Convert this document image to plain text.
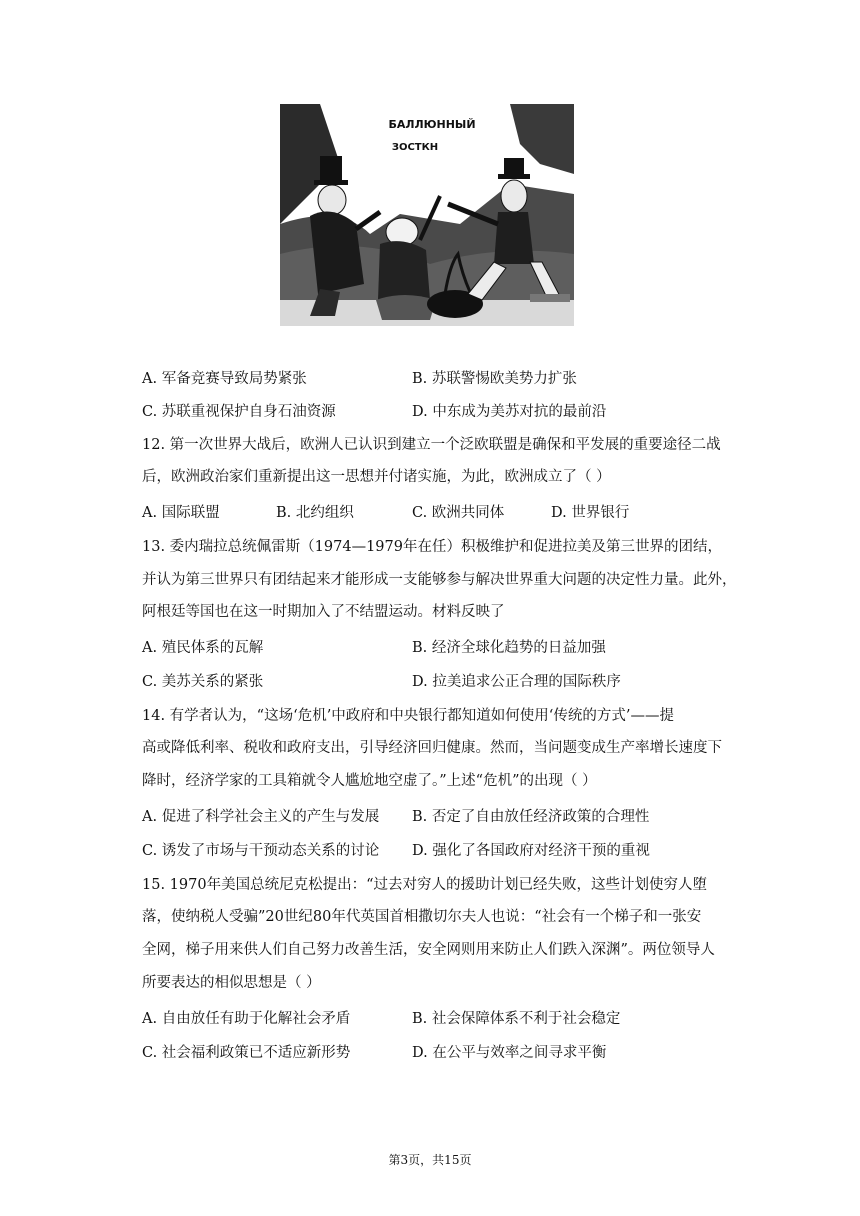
БАЛЛЮННЫЙ
ЗОСТКН
A. 军备竞赛导致局势紧张	B. 苏联警惕欧美势力扩张
C. 苏联重视保护自身石油资源	D. 中东成为美苏对抗的最前沿
12. 第一次世界大战后，欧洲人已认识到建立一个泛欧联盟是确保和平发展的重要途径二战
后，欧洲政治家们重新提出这一思想并付诸实施，为此，欧洲成立了（ ）
A. 国际联盟	B. 北约组织	C. 欧洲共同体	D. 世界银行
13. 委内瑞拉总统佩雷斯（1974—1979年在任）积极维护和促进拉美及第三世界的团结，
并认为第三世界只有团结起来才能形成一支能够参与解决世界重大问题的决定性力量。此外，
阿根廷等国也在这一时期加入了不结盟运动。材料反映了
A. 殖民体系的瓦解	B. 经济全球化趋势的日益加强
C. 美苏关系的紧张	D. 拉美追求公正合理的国际秩序
14. 有学者认为，“这场‘危机’中政府和中央银行都知道如何使用‘传统的方式’——提
高或降低利率、税收和政府支出，引导经济回归健康。然而，当问题变成生产率增长速度下
降时，经济学家的工具箱就令人尴尬地空虚了。”上述“危机”的出现（ ）
A. 促进了科学社会主义的产生与发展 B. 否定了自由放任经济政策的合理性
C. 诱发了市场与干预动态关系的讨论 D. 强化了各国政府对经济干预的重视
15. 1970年美国总统尼克松提出：“过去对穷人的援助计划已经失败，这些计划使穷人堕
落，使纳税人受骗”20世纪80年代英国首相撒切尔夫人也说：“社会有一个梯子和一张安
全网，梯子用来供人们自己努力改善生活，安全网则用来防止人们跌入深渊”。两位领导人
所要表达的相似思想是（ ）
A. 自由放任有助于化解社会矛盾	B. 社会保障体系不利于社会稳定
C. 社会福利政策已不适应新形势	D. 在公平与效率之间寻求平衡
第3页，共15页
